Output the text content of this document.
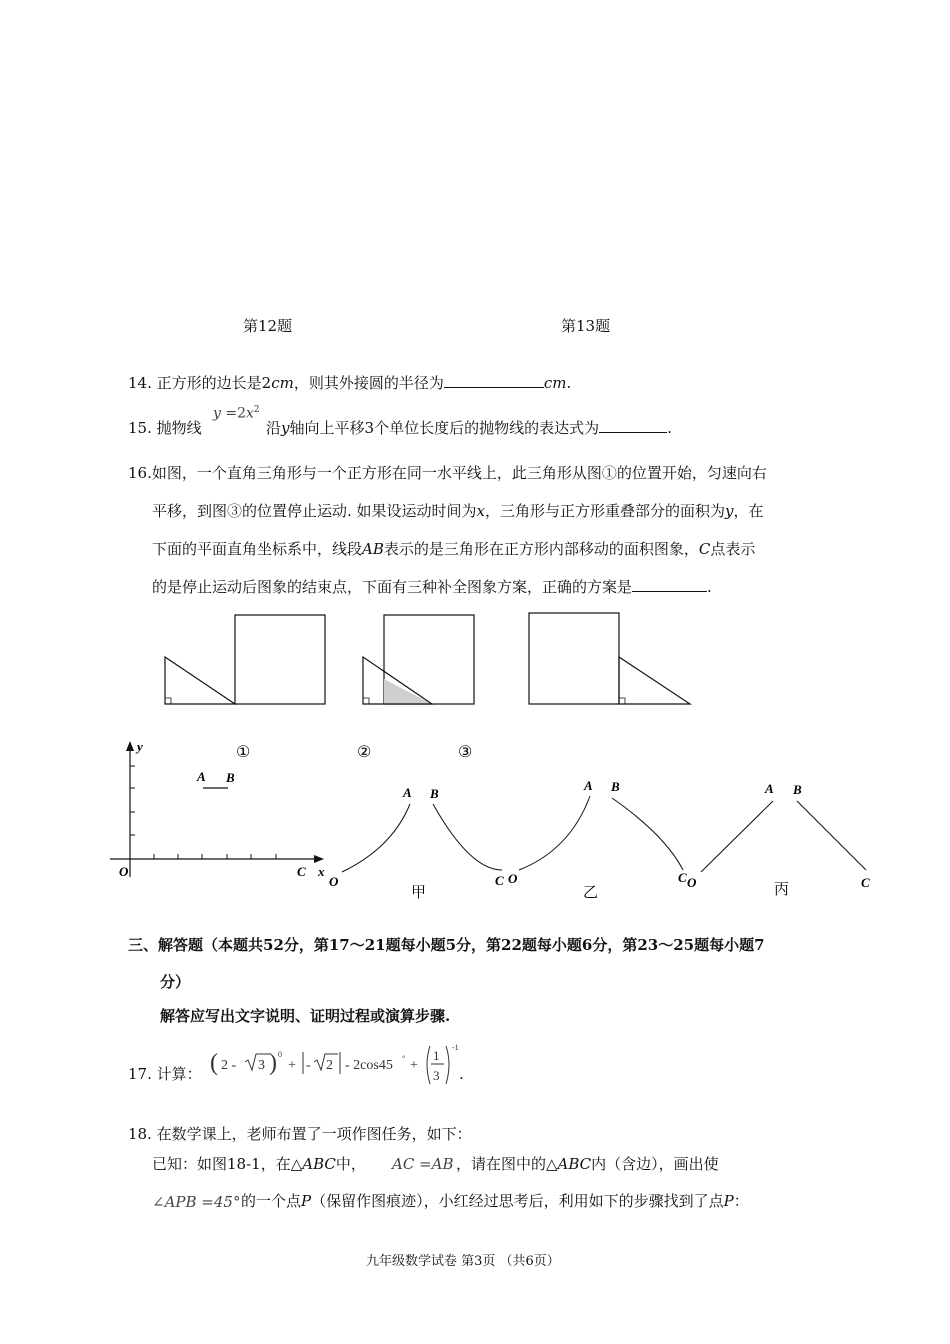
第12题	第13题
14. 正方形的边长是2cm，则其外接圆的半径为	cm.
15. 抛物线
$y =2x^2$
沿y轴向上平移3个单位长度后的抛物线的表达式为	.
16.如图，一个直角三角形与一个正方形在同一水平线上，此三角形从图①的位置开始，匀速向右
平移，到图③的位置停止运动. 如果设运动时间为x，三角形与正方形重叠部分的面积为y，在
下面的平面直角坐标系中，线段AB表示的是三角形在正方形内部移动的面积图象，C点表示
的是停止运动后图象的结束点，下面有三种补全图象方案，正确的方案是	.
①	②	③
y
A B
O	C x
O
A B
C
甲
O
A B
C
乙
O
A B
C
丙
三、解答题（本题共52分，第17～21题每小题5分，第22题每小题6分，第23～25题每小题7
分）
解答应写出文字说明、证明过程或演算步骤.
17. 计算： ( 2 - 3 ) 0
+ - 2 - 2cos45 ° +
1
3
-1
.
18. 在数学课上，老师布置了一项作图任务，如下：
已知：如图18-1，在△ABC中， AC =AB ，请在图中的△ABC内（含边），画出使
∠APB =45° 的一个点P（保留作图痕迹），小红经过思考后，利用如下的步骤找到了点P：
九年级数学试卷 第3页 （共6页）
